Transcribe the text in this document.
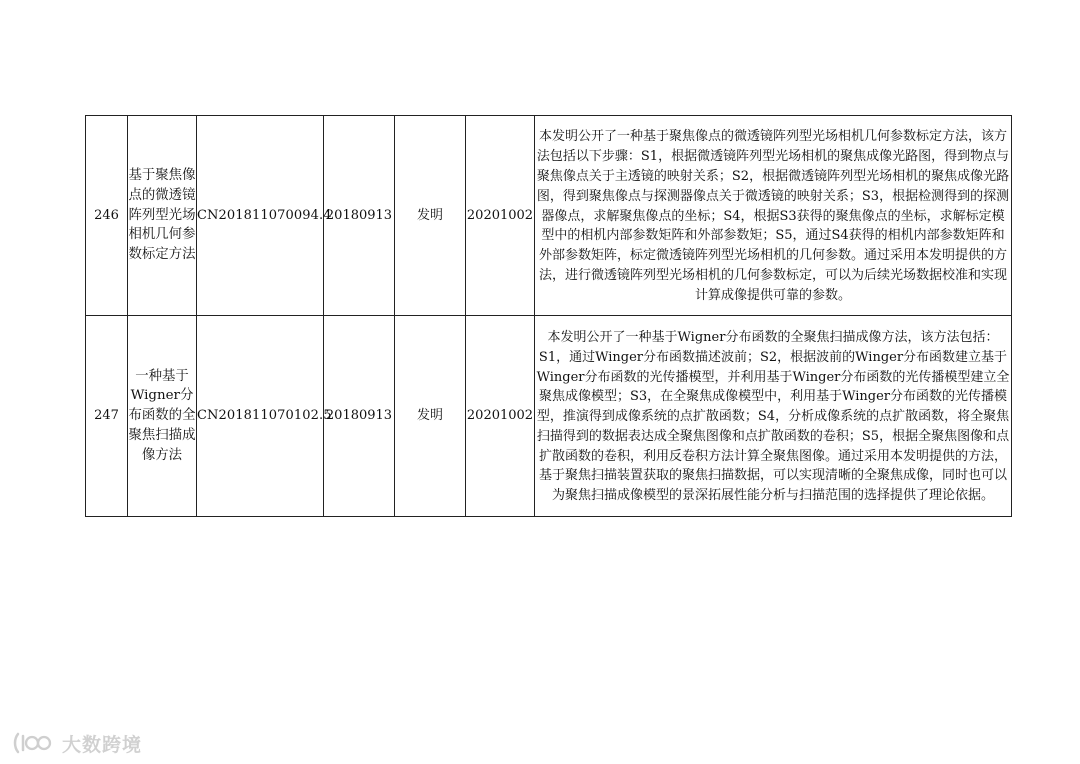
246	基于聚焦像点的微透镜阵列型光场相机几何参数标定方法	CN201811070094.4	20180913	发明	20201002	本发明公开了一种基于聚焦像点的微透镜阵列型光场相机几何参数标定方法，该方法包括以下步骤：S1，根据微透镜阵列型光场相机的聚焦成像光路图，得到物点与聚焦像点关于主透镜的映射关系；S2，根据微透镜阵列型光场相机的聚焦成像光路图，得到聚焦像点与探测器像点关于微透镜的映射关系；S3，根据检测得到的探测器像点，求解聚焦像点的坐标；S4，根据S3获得的聚焦像点的坐标，求解标定模型中的相机内部参数矩阵和外部参数矩；S5，通过S4获得的相机内部参数矩阵和外部参数矩阵，标定微透镜阵列型光场相机的几何参数。通过采用本发明提供的方法，进行微透镜阵列型光场相机的几何参数标定，可以为后续光场数据校准和实现计算成像提供可靠的参数。

247	一种基于Wigner分布函数的全聚焦扫描成像方法	CN201811070102.5	20180913	发明	20201002	本发明公开了一种基于Wigner分布函数的全聚焦扫描成像方法，该方法包括：S1，通过Winger分布函数描述波前；S2，根据波前的Winger分布函数建立基于Winger分布函数的光传播模型，并利用基于Winger分布函数的光传播模型建立全聚焦成像模型；S3，在全聚焦成像模型中，利用基于Winger分布函数的光传播模型，推演得到成像系统的点扩散函数；S4，分析成像系统的点扩散函数，将全聚焦扫描得到的数据表达成全聚焦图像和点扩散函数的卷积；S5，根据全聚焦图像和点扩散函数的卷积，利用反卷积方法计算全聚焦图像。通过采用本发明提供的方法，基于聚焦扫描装置获取的聚焦扫描数据，可以实现清晰的全聚焦成像，同时也可以为聚焦扫描成像模型的景深拓展性能分析与扫描范围的选择提供了理论依据。
大数跨境
